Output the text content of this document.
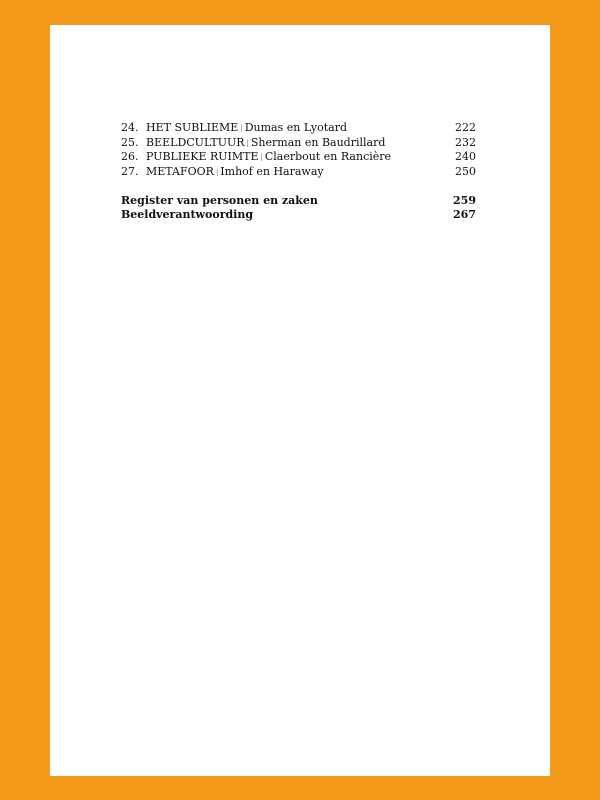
24. HET SUBLIEME | Dumas en Lyotard	222
25. BEELDCULTUUR | Sherman en Baudrillard	232
26. PUBLIEKE RUIMTE | Claerbout en Rancière	240
27. METAFOOR | Imhof en Haraway	250
Register van personen en zaken	259
Beeldverantwoording	267
